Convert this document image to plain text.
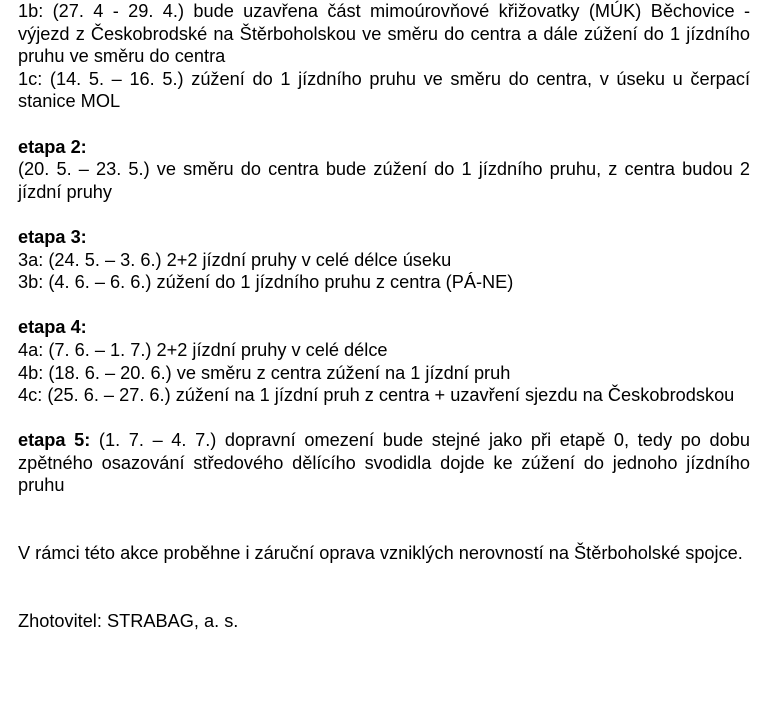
1b: (27. 4 - 29. 4.) bude uzavřena část mimoúrovňové křižovatky (MÚK) Běchovice - výjezd z Českobrodské na Štěrboholskou ve směru do centra a dále zúžení do 1 jízdního pruhu ve směru do centra

1c: (14. 5. – 16. 5.) zúžení do 1 jízdního pruhu ve směru do centra, v úseku u čerpací stanice MOL

etapa 2:

(20. 5. – 23. 5.) ve směru do centra bude zúžení do 1 jízdního pruhu, z centra budou 2 jízdní pruhy

etapa 3:

3a: (24. 5. – 3. 6.) 2+2 jízdní pruhy v celé délce úseku

3b: (4. 6. – 6. 6.) zúžení do 1 jízdního pruhu z centra (PÁ-NE)

etapa 4:

4a: (7. 6. – 1. 7.) 2+2 jízdní pruhy v celé délce

4b: (18. 6. – 20. 6.) ve směru z centra zúžení na 1 jízdní pruh

4c: (25. 6. – 27. 6.) zúžení na 1 jízdní pruh z centra + uzavření sjezdu na Českobrodskou

etapa 5: (1. 7. – 4. 7.) dopravní omezení bude stejné jako při etapě 0, tedy po dobu zpětného osazování středového dělícího svodidla dojde ke zúžení do jednoho jízdního pruhu

V rámci této akce proběhne i záruční oprava vzniklých nerovností na Štěrboholské spojce.

Zhotovitel: STRABAG, a. s.
